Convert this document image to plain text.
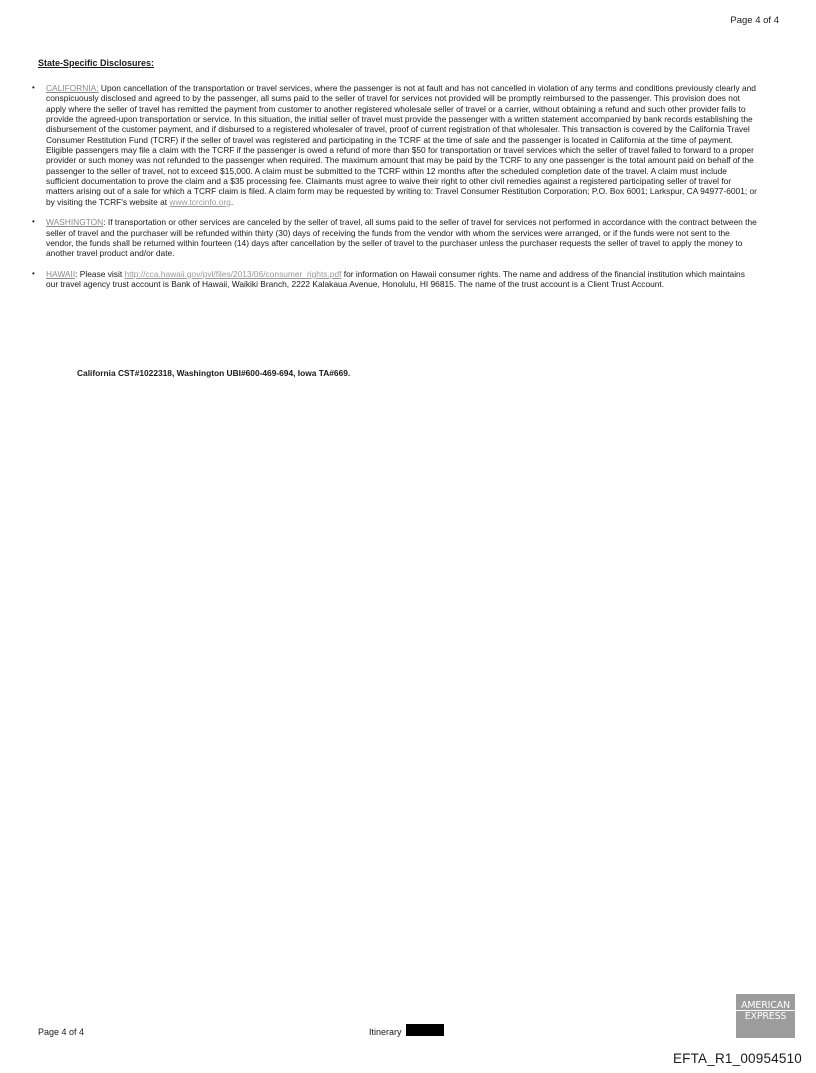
Page 4 of 4
State-Specific Disclosures:
• CALIFORNIA: Upon cancellation of the transportation or travel services, where the passenger is not at fault and has not cancelled in violation of any terms and conditions previously clearly and conspicuously disclosed and agreed to by the passenger, all sums paid to the seller of travel for services not provided will be promptly reimbursed to the passenger. This provision does not apply where the seller of travel has remitted the payment from customer to another registered wholesale seller of travel or a carrier, without obtaining a refund and such other provider fails to provide the agreed-upon transportation or service. In this situation, the initial seller of travel must provide the passenger with a written statement accompanied by bank records establishing the disbursement of the customer payment, and if disbursed to a registered wholesaler of travel, proof of current registration of that wholesaler. This transaction is covered by the California Travel Consumer Restitution Fund (TCRF) if the seller of travel was registered and participating in the TCRF at the time of sale and the passenger is located in California at the time of payment. Eligible passengers may file a claim with the TCRF if the passenger is owed a refund of more than $50 for transportation or travel services which the seller of travel failed to forward to a proper provider or such money was not refunded to the passenger when required. The maximum amount that may be paid by the TCRF to any one passenger is the total amount paid on behalf of the passenger to the seller of travel, not to exceed $15,000. A claim must be submitted to the TCRF within 12 months after the scheduled completion date of the travel. A claim must include sufficient documentation to prove the claim and a $35 processing fee. Claimants must agree to waive their right to other civil remedies against a registered participating seller of travel for matters arising out of a sale for which a TCRF claim is filed. A claim form may be requested by writing to: Travel Consumer Restitution Corporation; P.O. Box 6001; Larkspur, CA 94977-6001; or by visiting the TCRF's website at www.tcrcinfo.org.
• WASHINGTON: If transportation or other services are canceled by the seller of travel, all sums paid to the seller of travel for services not performed in accordance with the contract between the seller of travel and the purchaser will be refunded within thirty (30) days of receiving the funds from the vendor with whom the services were arranged, or if the funds were not sent to the vendor, the funds shall be returned within fourteen (14) days after cancellation by the seller of travel to the purchaser unless the purchaser requests the seller of travel to apply the money to another travel product and/or date.
• HAWAII: Please visit http://cca.hawaii.gov/pvl/files/2013/06/consumer_rights.pdf for information on Hawaii consumer rights. The name and address of the financial institution which maintains our travel agency trust account is Bank of Hawaii, Waikiki Branch, 2222 Kalakaua Avenue, Honolulu, HI 96815. The name of the trust account is a Client Trust Account.
California CST#1022318, Washington UBI#600-469-694, Iowa TA#669.
AMERICAN
EXPRESS
Page 4 of 4	Itinerary
EFTA_R1_00954510
